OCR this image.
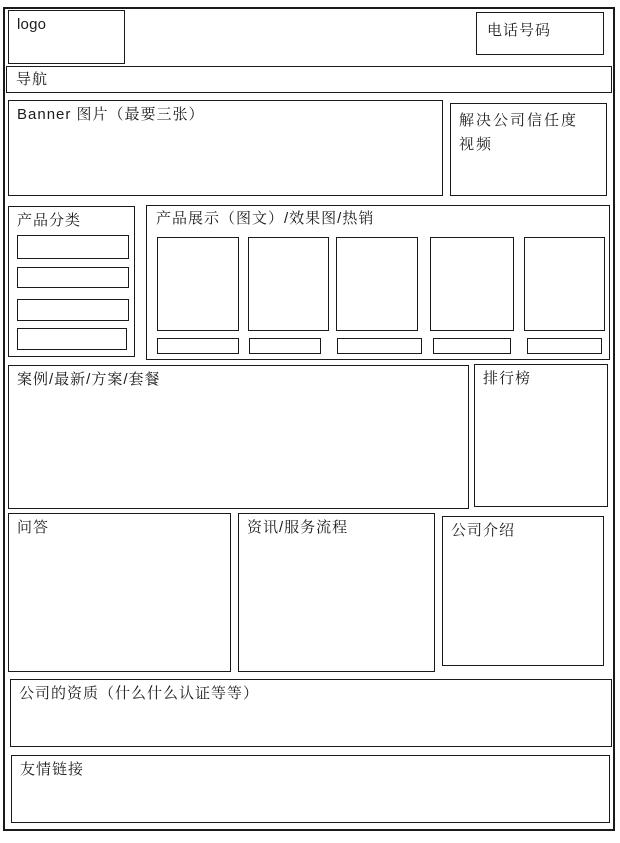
logo	电话号码
导航
Banner 图片（最要三张）	解决公司信任度视频
产品分类	产品展示（图文）/效果图/热销
案例/最新/方案/套餐	排行榜
问答	资讯/服务流程	公司介绍
公司的资质（什么什么认证等等）
友情链接
